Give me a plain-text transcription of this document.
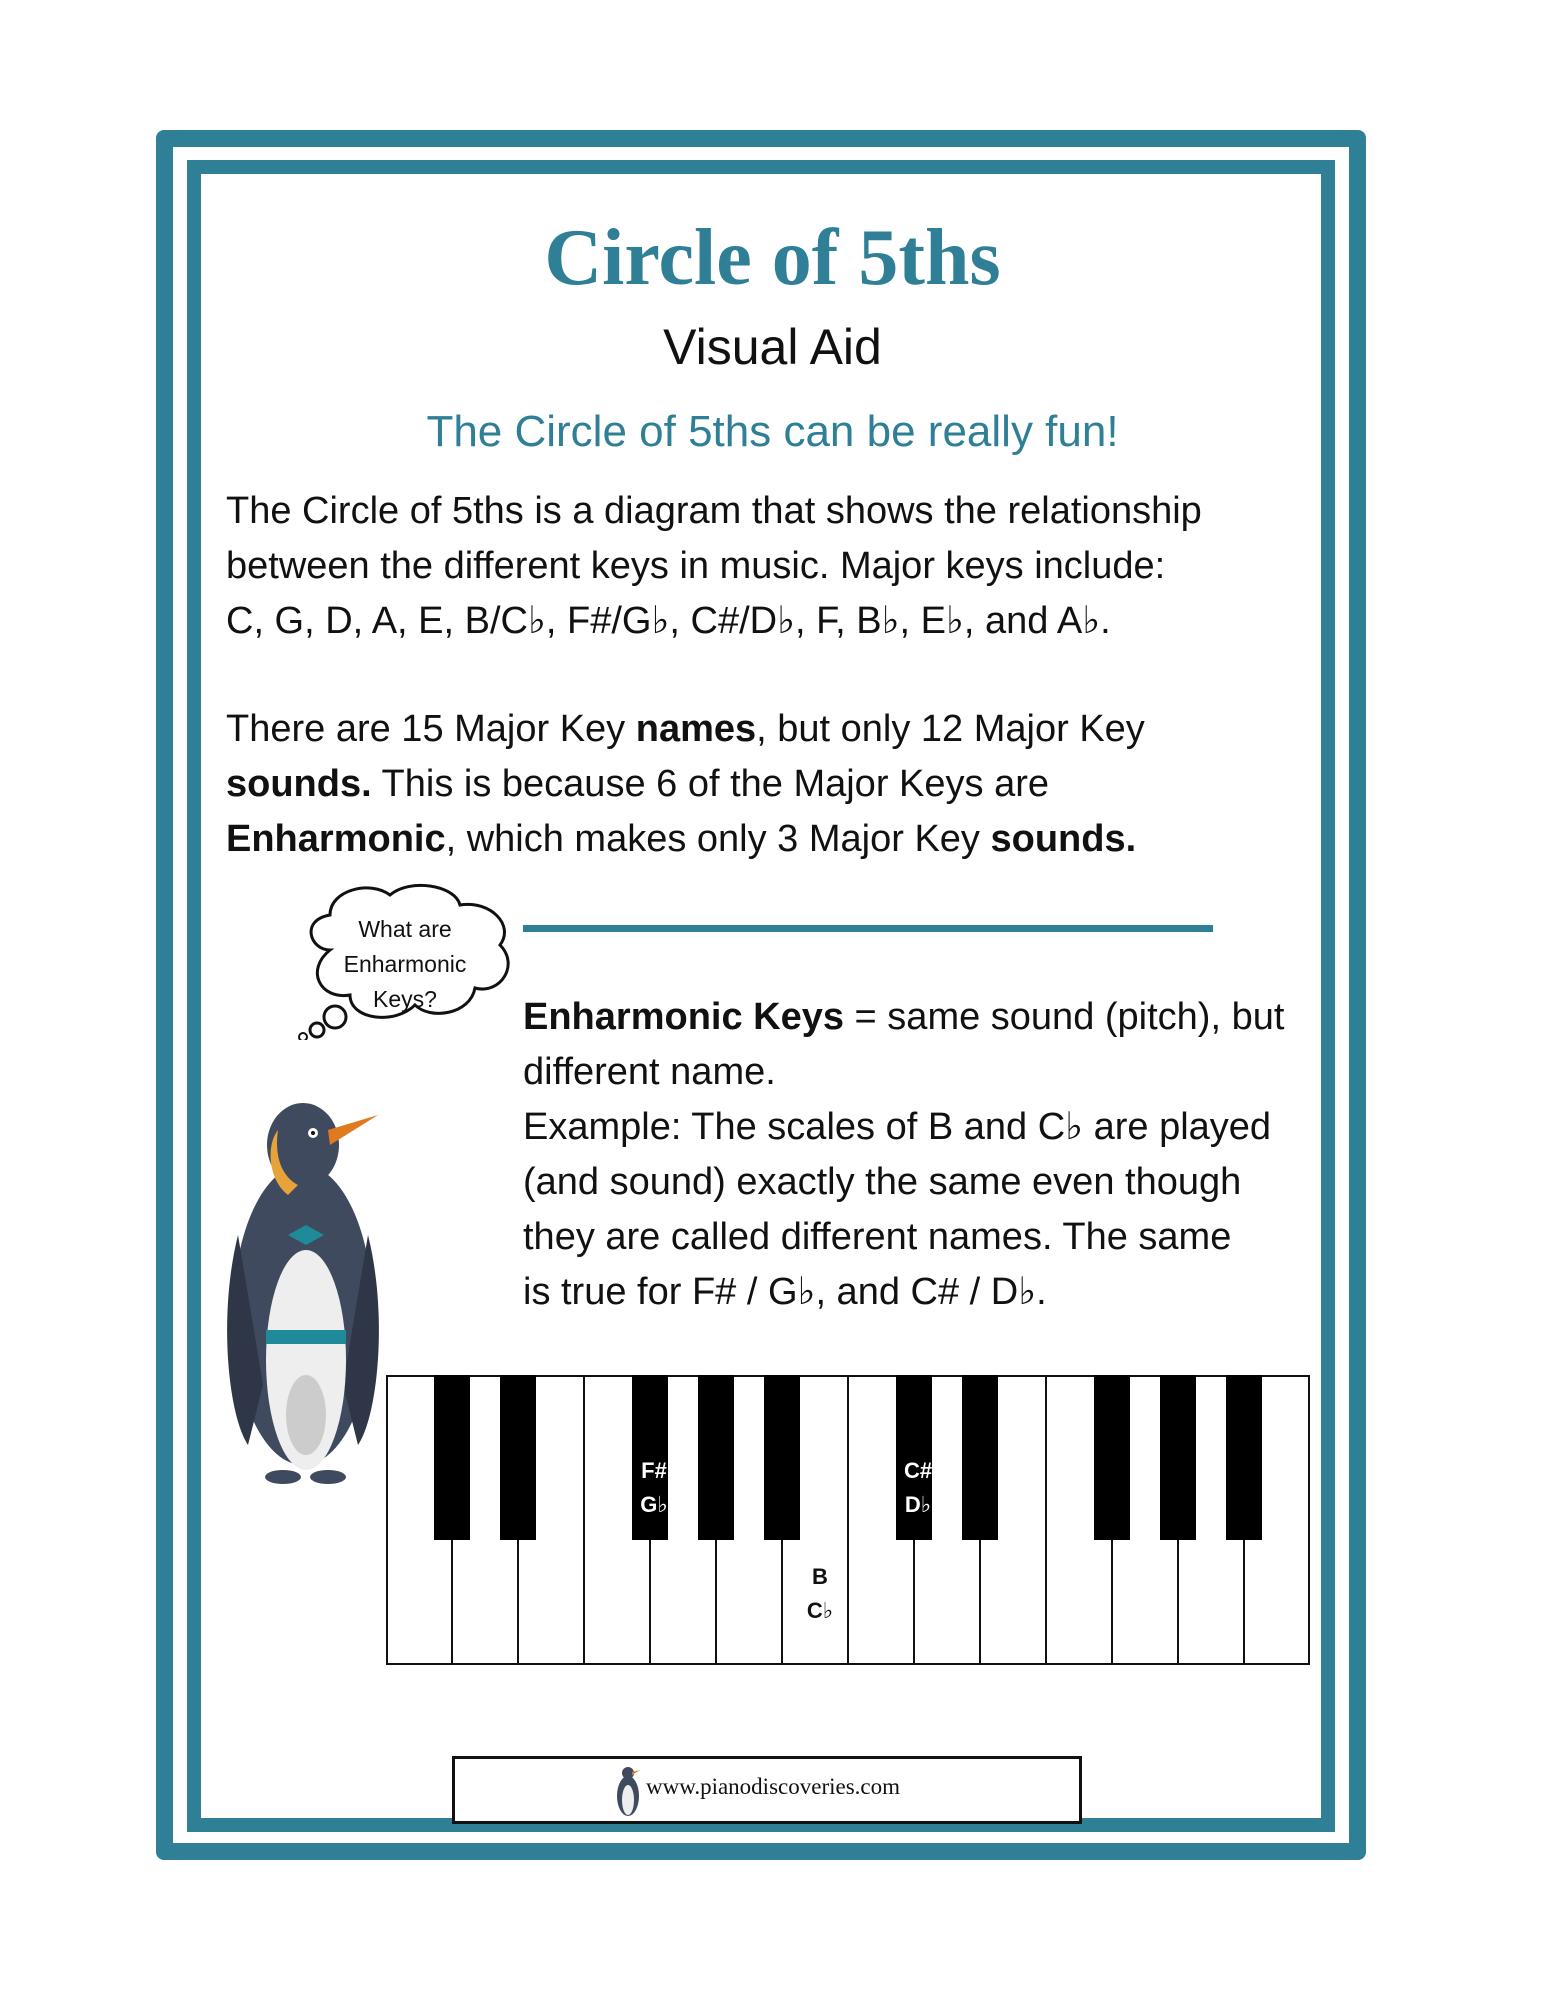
Circle of 5ths
Visual Aid
The Circle of 5ths can be really fun!

The Circle of 5ths is a diagram that shows the relationship
between the different keys in music. Major keys include:
C, G, D, A, E, B/C♭, F#/G♭, C#/D♭, F, B♭, E♭, and A♭.

There are 15 Major Key names, but only 12 Major Key
sounds. This is because 6 of the Major Keys are
Enharmonic, which makes only 3 Major Key sounds.

What are
Enharmonic
Keys?	Enharmonic Keys = same sound (pitch), but
different name.
Example: The scales of B and C♭ are played
(and sound) exactly the same even though
they are called different names. The same
is true for F# / G♭, and C# / D♭.
F#
G♭
C#
D♭
B
C♭
www.pianodiscoveries.com
